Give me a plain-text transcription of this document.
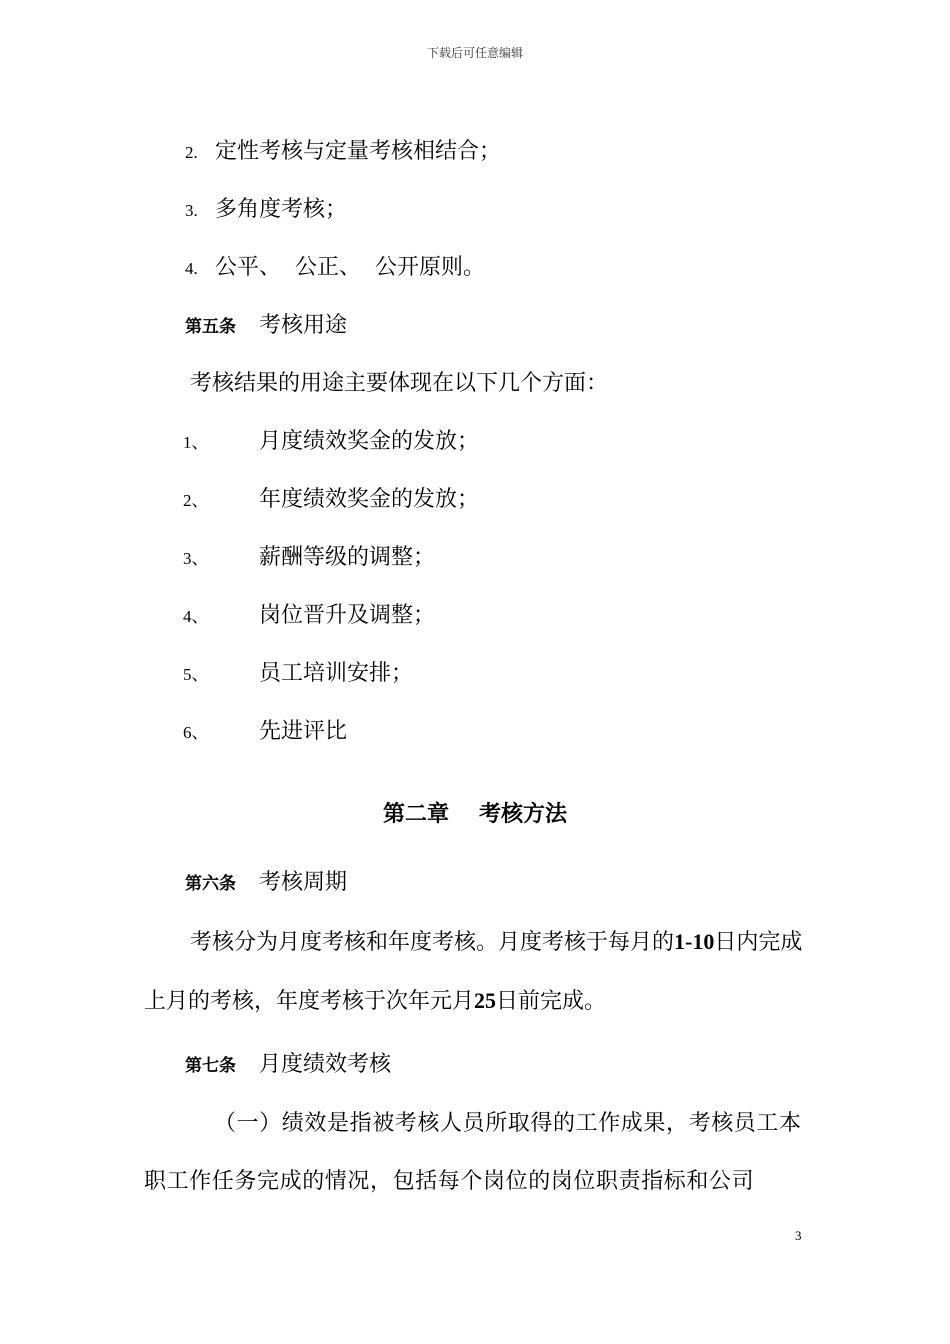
下载后可任意编辑
2. 定性考核与定量考核相结合；
3. 多角度考核；
4. 公平、  公正、  公开原则。
第五条 考核用途
考核结果的用途主要体现在以下几个方面：
1、 月度绩效奖金的发放；
2、 年度绩效奖金的发放；
3、 薪酬等级的调整；
4、 岗位晋升及调整；
5、 员工培训安排；
6、 先进评比
第二章 考核方法
第六条 考核周期
考核分为月度考核和年度考核。月度考核于每月的1-10日内完成上月的考核，年度考核于次年元月25日前完成。
第七条 月度绩效考核
（一）绩效是指被考核人员所取得的工作成果，考核员工本职工作任务完成的情况，包括每个岗位的岗位职责指标和公司
3
